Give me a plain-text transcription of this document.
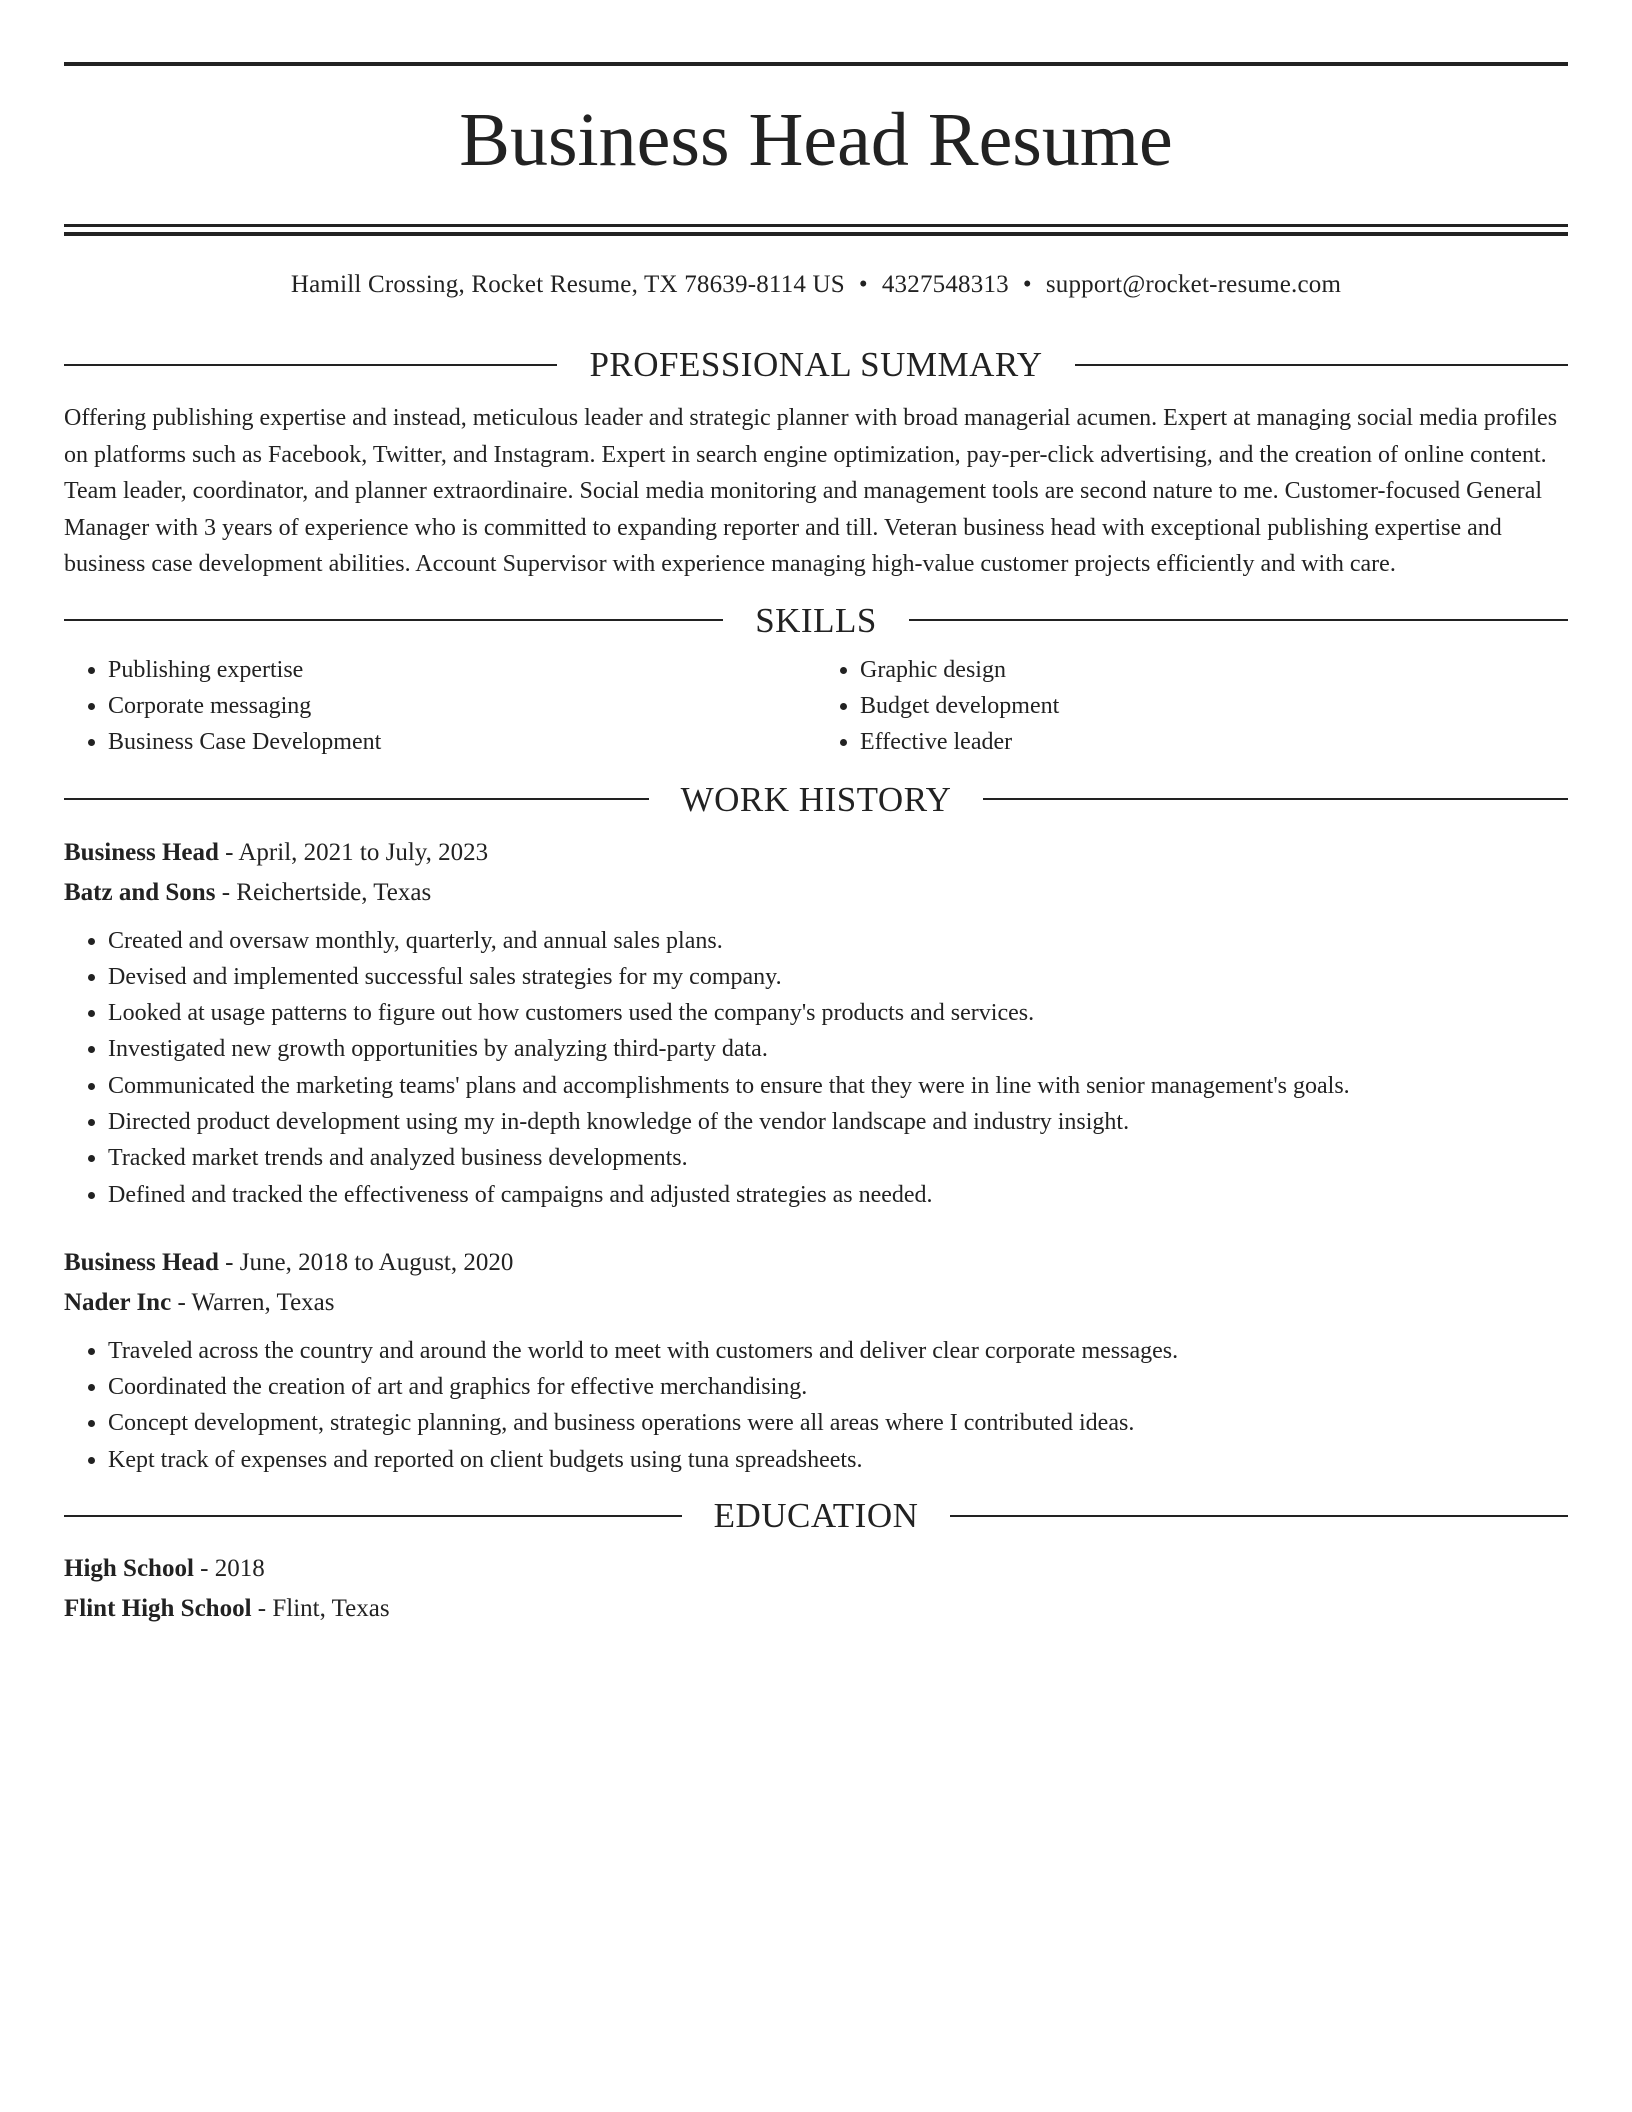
Business Head Resume
Hamill Crossing, Rocket Resume, TX 78639-8114 US • 4327548313 • support@rocket-resume.com
PROFESSIONAL SUMMARY

Offering publishing expertise and instead, meticulous leader and strategic planner with broad managerial acumen. Expert at managing social media profiles on platforms such as Facebook, Twitter, and Instagram. Expert in search engine optimization, pay-per-click advertising, and the creation of online content. Team leader, coordinator, and planner extraordinaire. Social media monitoring and management tools are second nature to me. Customer-focused General Manager with 3 years of experience who is committed to expanding reporter and till. Veteran business head with exceptional publishing expertise and business case development abilities. Account Supervisor with experience managing high-value customer projects efficiently and with care.

SKILLS
• Publishing expertise
• Corporate messaging
• Business Case Development
• Graphic design
• Budget development
• Effective leader
WORK HISTORY
Business Head - April, 2021 to July, 2023
Batz and Sons - Reichertside, Texas
• Created and oversaw monthly, quarterly, and annual sales plans.
• Devised and implemented successful sales strategies for my company.
• Looked at usage patterns to figure out how customers used the company's products and services.
• Investigated new growth opportunities by analyzing third-party data.
• Communicated the marketing teams' plans and accomplishments to ensure that they were in line with senior management's goals.
• Directed product development using my in-depth knowledge of the vendor landscape and industry insight.
• Tracked market trends and analyzed business developments.
• Defined and tracked the effectiveness of campaigns and adjusted strategies as needed.
Business Head - June, 2018 to August, 2020
Nader Inc - Warren, Texas
• Traveled across the country and around the world to meet with customers and deliver clear corporate messages.
• Coordinated the creation of art and graphics for effective merchandising.
• Concept development, strategic planning, and business operations were all areas where I contributed ideas.
• Kept track of expenses and reported on client budgets using tuna spreadsheets.
EDUCATION
High School - 2018
Flint High School - Flint, Texas
